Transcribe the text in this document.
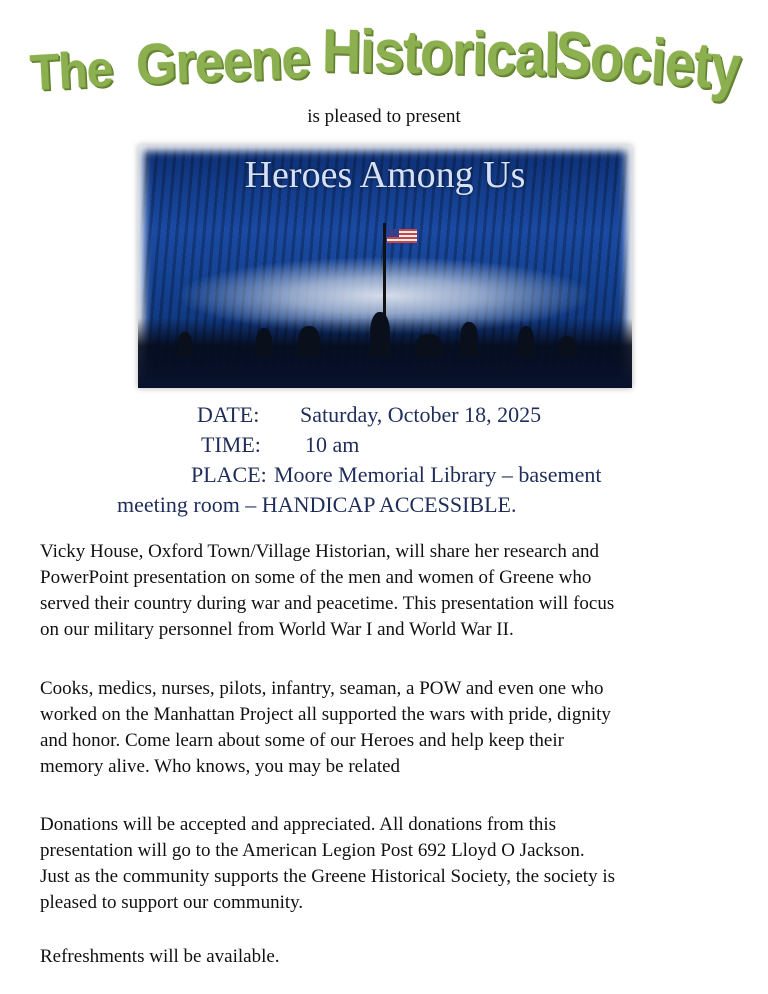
The Greene Historical
Society
is pleased to present
Heroes Among Us
DATE: Saturday, October 18, 2025
TIME: 10 am
PLACE: Moore Memorial Library – basement
meeting room – HANDICAP ACCESSIBLE.
Vicky House, Oxford Town/Village Historian, will share her research and
PowerPoint presentation on some of the men and women of Greene who
served their country during war and peacetime. This presentation will focus
on our military personnel from World War I and World War II.
Cooks, medics, nurses, pilots, infantry, seaman, a POW and even one who
worked on the Manhattan Project all supported the wars with pride, dignity
and honor. Come learn about some of our Heroes and help keep their
memory alive. Who knows, you may be related
Donations will be accepted and appreciated. All donations from this
presentation will go to the American Legion Post 692 Lloyd O Jackson.
Just as the community supports the Greene Historical Society, the society is
pleased to support our community.
Refreshments will be available.
